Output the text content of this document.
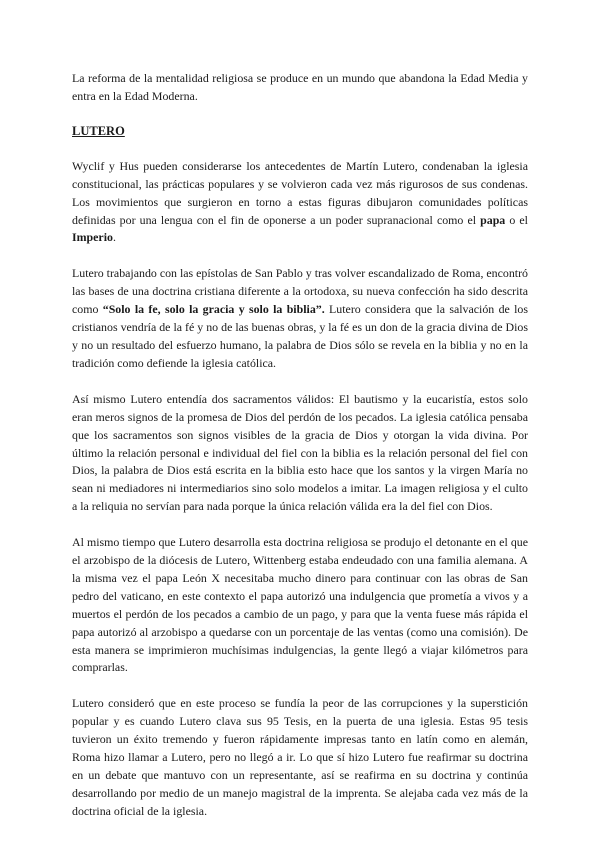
La reforma de la mentalidad religiosa se produce en un mundo que abandona la Edad Media y entra en la Edad Moderna.

LUTERO

Wyclif y Hus pueden considerarse los antecedentes de Martín Lutero, condenaban la iglesia constitucional, las prácticas populares y se volvieron cada vez más rigurosos de sus condenas. Los movimientos que surgieron en torno a estas figuras dibujaron comunidades políticas definidas por una lengua con el fin de oponerse a un poder supranacional como el papa o el Imperio.

Lutero trabajando con las epístolas de San Pablo y tras volver escandalizado de Roma, encontró las bases de una doctrina cristiana diferente a la ortodoxa, su nueva confección ha sido descrita como “Solo la fe, solo la gracia y solo la biblia”. Lutero considera que la salvación de los cristianos vendría de la fé y no de las buenas obras, y la fé es un don de la gracia divina de Dios y no un resultado del esfuerzo humano, la palabra de Dios sólo se revela en la biblia y no en la tradición como defiende la iglesia católica.

Así mismo Lutero entendía dos sacramentos válidos: El bautismo y la eucaristía, estos solo eran meros signos de la promesa de Dios del perdón de los pecados. La iglesia católica pensaba que los sacramentos son signos visibles de la gracia de Dios y otorgan la vida divina. Por último la relación personal e individual del fiel con la biblia es la relación personal del fiel con Dios, la palabra de Dios está escrita en la biblia esto hace que los santos y la virgen María no sean ni mediadores ni intermediarios sino solo modelos a imitar. La imagen religiosa y el culto a la reliquia no servían para nada porque la única relación válida era la del fiel con Dios.

Al mismo tiempo que Lutero desarrolla esta doctrina religiosa se produjo el detonante en el que el arzobispo de la diócesis de Lutero, Wittenberg estaba endeudado con una familia alemana. A la misma vez el papa León X necesitaba mucho dinero para continuar con las obras de San pedro del vaticano, en este contexto el papa autorizó una indulgencia que prometía a vivos y a muertos el perdón de los pecados a cambio de un pago, y para que la venta fuese más rápida el papa autorizó al arzobispo a quedarse con un porcentaje de las ventas (como una comisión). De esta manera se imprimieron muchísimas indulgencias, la gente llegó a viajar kilómetros para comprarlas.

Lutero consideró que en este proceso se fundía la peor de las corrupciones y la superstición popular y es cuando Lutero clava sus 95 Tesis, en la puerta de una iglesia. Estas 95 tesis tuvieron un éxito tremendo y fueron rápidamente impresas tanto en latín como en alemán, Roma hizo llamar a Lutero, pero no llegó a ir. Lo que sí hizo Lutero fue reafirmar su doctrina en un debate que mantuvo con un representante, así se reafirma en su doctrina y continúa desarrollando por medio de un manejo magistral de la imprenta. Se alejaba cada vez más de la doctrina oficial de la iglesia.
